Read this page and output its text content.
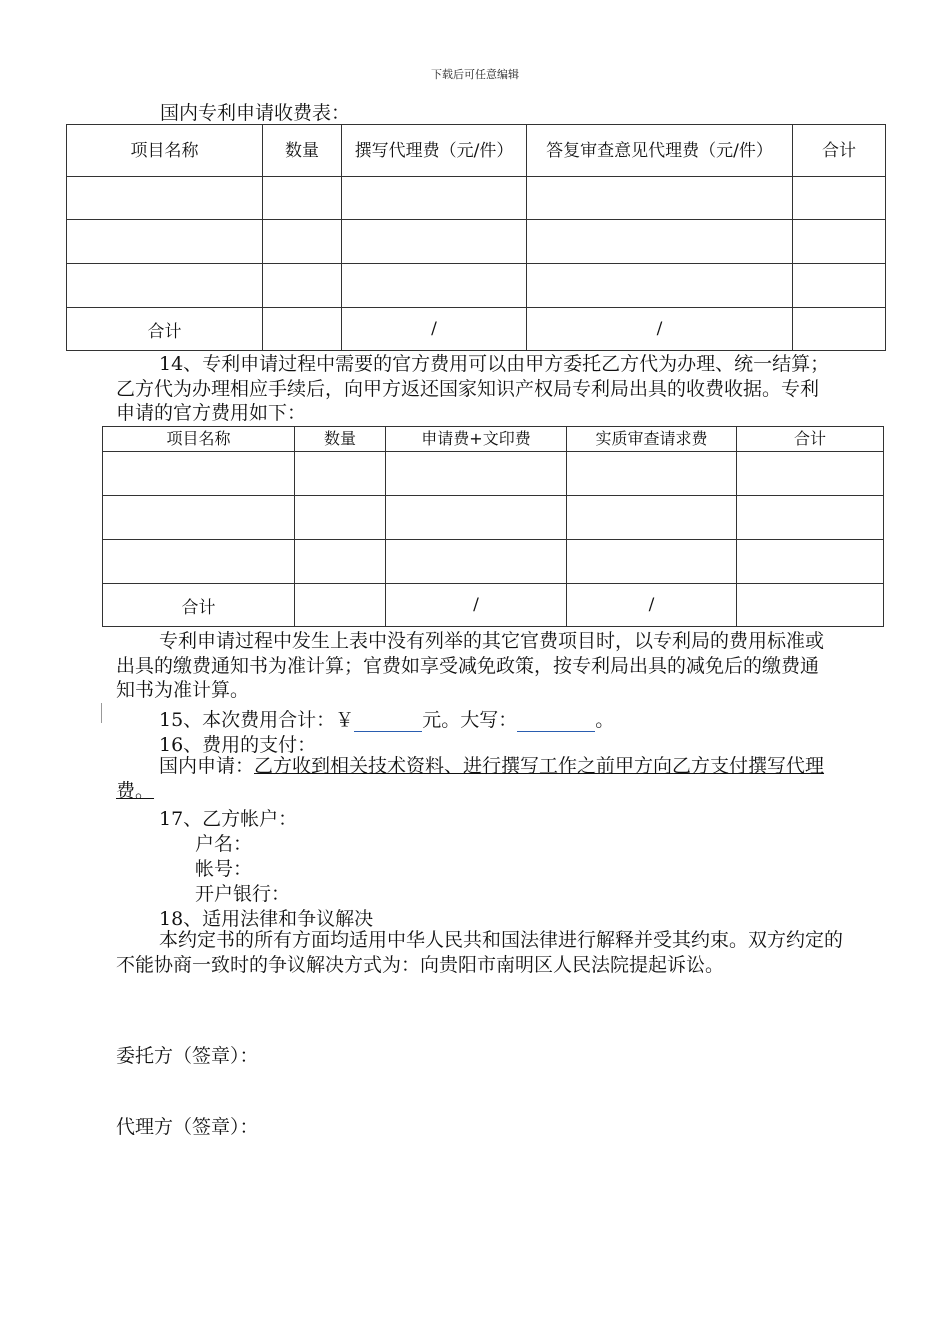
下载后可任意编辑
国内专利申请收费表：
项目名称	数量	撰写代理费（元/件）	答复审查意见代理费（元/件）	合计

合计		/	/	
14、专利申请过程中需要的官方费用可以由甲方委托乙方代为办理、统一结算；乙方代为办理相应手续后，向甲方返还国家知识产权局专利局出具的收费收据。专利申请的官方费用如下：
项目名称	数量	申请费+文印费	实质审查请求费	合计

合计		/	/	
专利申请过程中发生上表中没有列举的其它官费项目时，以专利局的费用标准或出具的缴费通知书为准计算；官费如享受减免政策，按专利局出具的减免后的缴费通知书为准计算。
15、本次费用合计：￥	元。大写：	。
16、费用的支付：
国内申请：乙方收到相关技术资料、进行撰写工作之前甲方向乙方支付撰写代理费。
17、乙方帐户：
户名：
帐号：
开户银行：
18、适用法律和争议解决
本约定书的所有方面均适用中华人民共和国法律进行解释并受其约束。双方约定的不能协商一致时的争议解决方式为：向贵阳市南明区人民法院提起诉讼。
委托方（签章）：
代理方（签章）：
